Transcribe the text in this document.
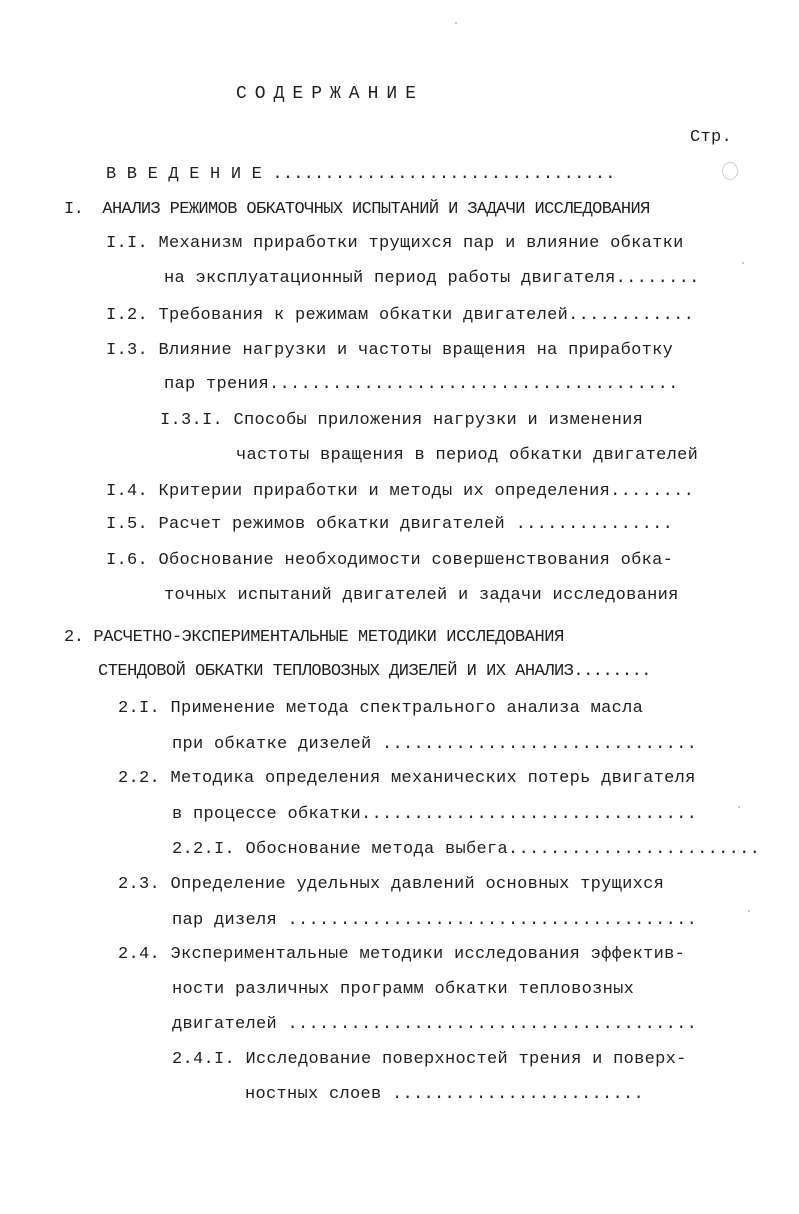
СОДЕРЖАНИЕ
Стр.
В В Е Д Е Н И Е .................................
I.  АНАЛИЗ РЕЖИМОВ ОБКАТОЧНЫХ ИСПЫТАНИЙ И ЗАДАЧИ ИССЛЕДОВАНИЯ
I.I. Механизм приработки трущихся пар и влияние обкатки
на эксплуатационный период работы двигателя........
I.2. Требования к режимам обкатки двигателей............
I.3. Влияние нагрузки и частоты вращения на приработку
пар трения.......................................
I.3.I. Способы приложения нагрузки и изменения
частоты вращения в период обкатки двигателей
I.4. Критерии приработки и методы их определения........
I.5. Расчет режимов обкатки двигателей ...............
I.6. Обоснование необходимости совершенствования обка-
точных испытаний двигателей и задачи исследования
2. РАСЧЕТНО-ЭКСПЕРИМЕНТАЛЬНЫЕ МЕТОДИКИ ИССЛЕДОВАНИЯ
СТЕНДОВОЙ ОБКАТКИ ТЕПЛОВОЗНЫХ ДИЗЕЛЕЙ И ИХ АНАЛИЗ........
2.I. Применение метода спектрального анализа масла
при обкатке дизелей ..............................
2.2. Методика определения механических потерь двигателя
в процессе обкатки................................
2.2.I. Обоснование метода выбега........................
2.3. Определение удельных давлений основных трущихся
пар дизеля .......................................
2.4. Экспериментальные методики исследования эффектив-
ности различных программ обкатки тепловозных
двигателей .......................................
2.4.I. Исследование поверхностей трения и поверх-
ностных слоев ........................
